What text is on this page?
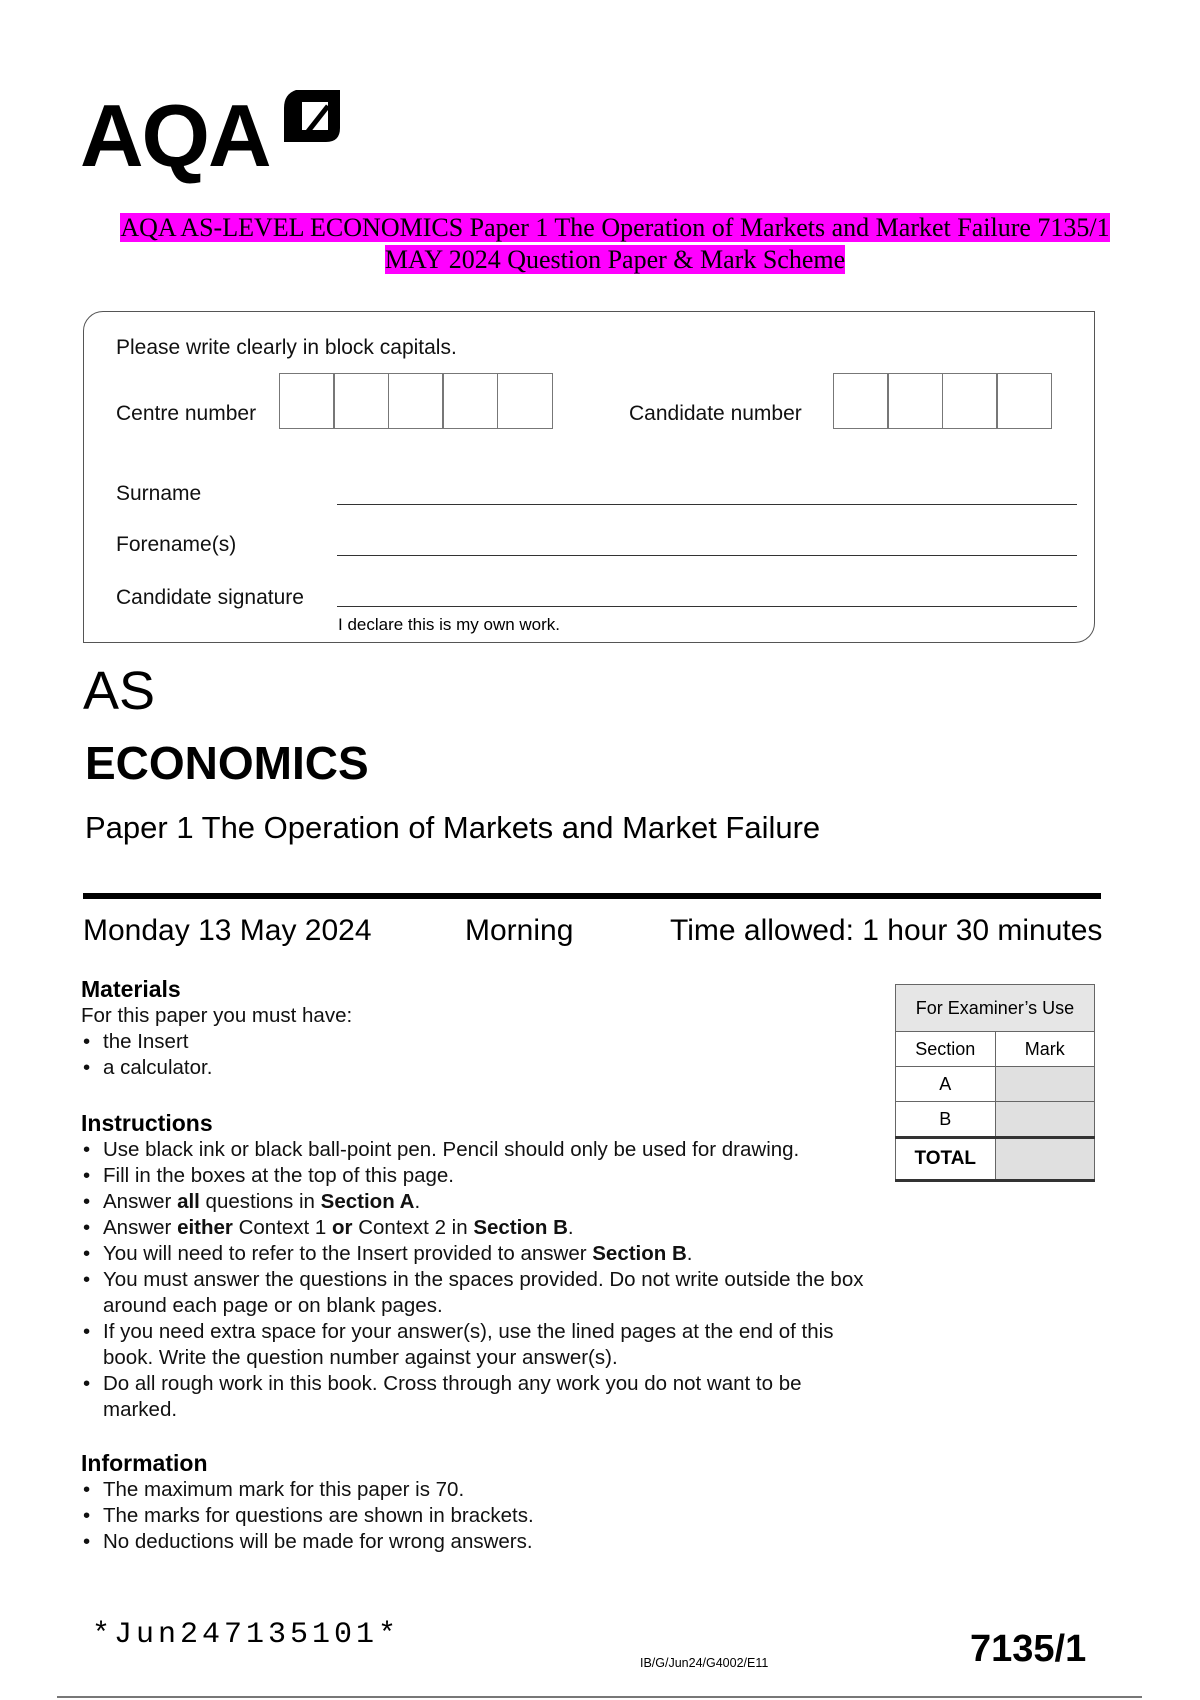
AQA
AQA AS-LEVEL ECONOMICS Paper 1 The Operation of Markets and Market Failure 7135/1
MAY 2024 Question Paper & Mark Scheme
Please write clearly in block capitals.
Centre number	Candidate number
Surname
Forename(s)
Candidate signature
I declare this is my own work.
AS
ECONOMICS
Paper 1 The Operation of Markets and Market Failure
Monday 13 May 2024	Morning	Time allowed: 1 hour 30 minutes
Materials
For this paper you must have:
• the Insert
• a calculator.
Instructions
• Use black ink or black ball-point pen. Pencil should only be used for drawing.
• Fill in the boxes at the top of this page.
• Answer all questions in Section A.
• Answer either Context 1 or Context 2 in Section B.
• You will need to refer to the Insert provided to answer Section B.
• You must answer the questions in the spaces provided. Do not write outside the box around each page or on blank pages.
• If you need extra space for your answer(s), use the lined pages at the end of this book. Write the question number against your answer(s).
• Do all rough work in this book. Cross through any work you do not want to be marked.
Information
• The maximum mark for this paper is 70.
• The marks for questions are shown in brackets.
• No deductions will be made for wrong answers.
For Examiner’s Use	
Section	Mark
A	
B	
TOTAL	
*Jun247135101*
IB/G/Jun24/G4002/E11	7135/1
